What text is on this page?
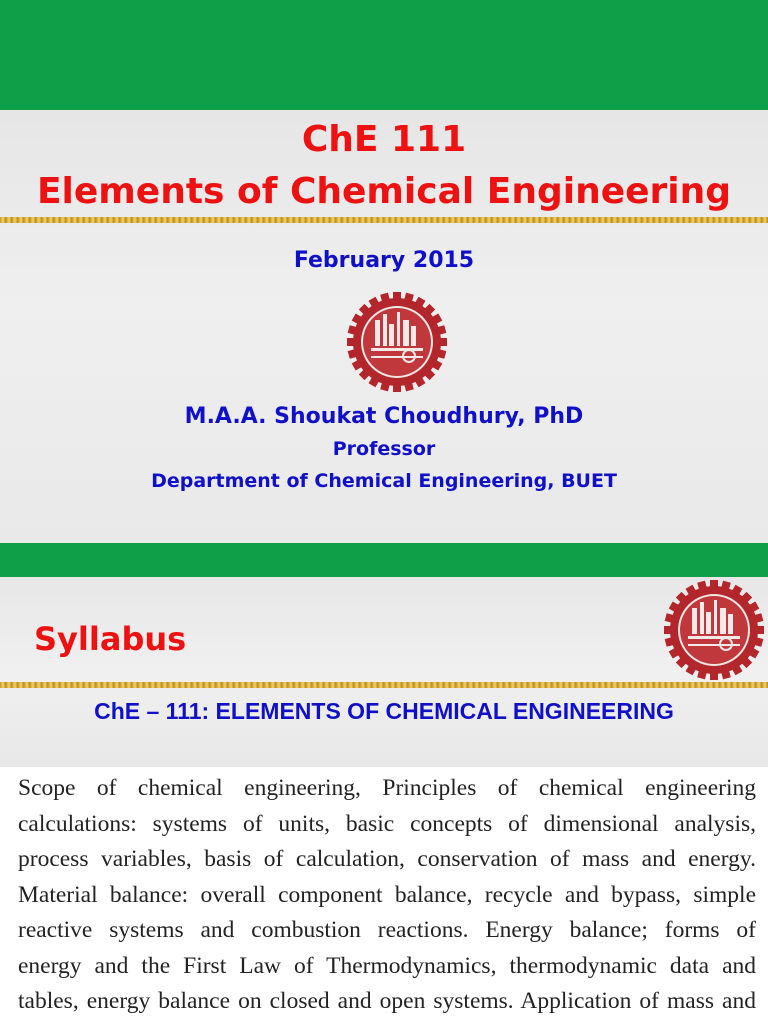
ChE 111
Elements of Chemical Engineering
February 2015
M.A.A. Shoukat Choudhury, PhD
Professor
Department of Chemical Engineering, BUET
Syllabus
ChE – 111: ELEMENTS OF CHEMICAL ENGINEERING
Scope of chemical engineering, Principles of chemical engineering
calculations: systems of units, basic concepts of dimensional analysis,
process variables, basis of calculation, conservation of mass and energy.
Material balance: overall component balance, recycle and bypass, simple
reactive systems and combustion reactions. Energy balance; forms of
energy and the First Law of Thermodynamics, thermodynamic data and
tables, energy balance on closed and open systems. Application of mass and
